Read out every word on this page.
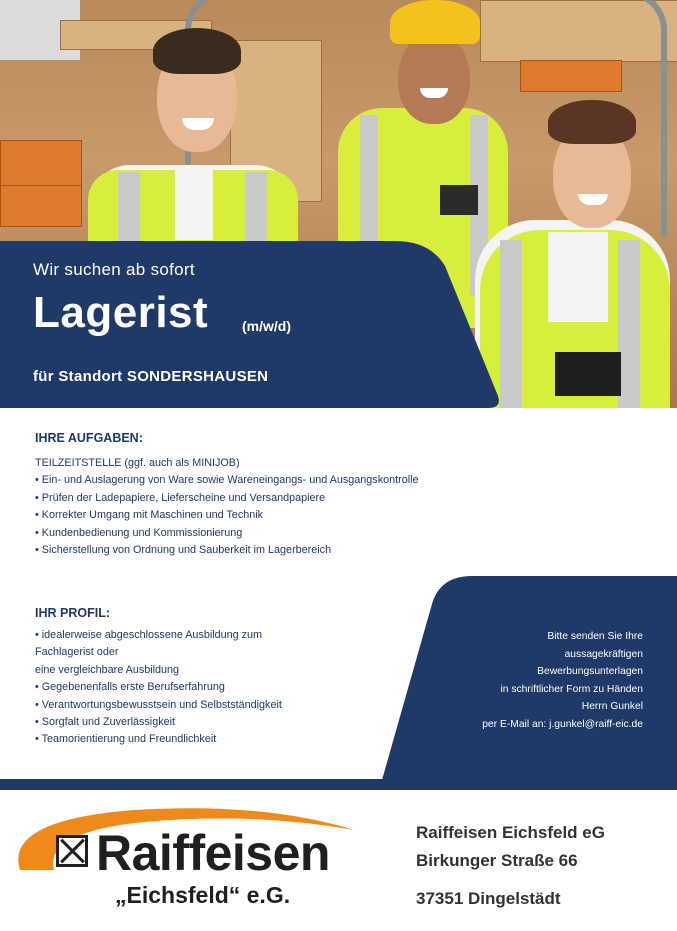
Wir suchen ab sofort
Lagerist (m/w/d)
für Standort SONDERSHAUSEN
IHRE AUFGABEN:
TEILZEITSTELLE (ggf. auch als MINIJOB)
• Ein- und Auslagerung von Ware sowie Wareneingangs- und Ausgangskontrolle
• Prüfen der Ladepapiere, Lieferscheine und Versandpapiere
• Korrekter Umgang mit Maschinen und Technik
• Kundenbedienung und Kommissionierung
• Sicherstellung von Ordnung und Sauberkeit im Lagerbereich
IHR PROFIL:
• idealerweise abgeschlossene Ausbildung zum
Fachlagerist oder
eine vergleichbare Ausbildung
• Gegebenenfalls erste Berufserfahrung
• Verantwortungsbewusstsein und Selbstständigkeit
• Sorgfalt und Zuverlässigkeit
• Teamorientierung und Freundlichkeit
Bitte senden Sie Ihre
aussagekräftigen
Bewerbungsunterlagen
in schriftlicher Form zu Händen
Herrn Gunkel
per E-Mail an: j.gunkel@raiff-eic.de
Raiffeisen
„Eichsfeld“ e.G.
Raiffeisen Eichsfeld eG
Birkunger Straße 66
37351 Dingelstädt
